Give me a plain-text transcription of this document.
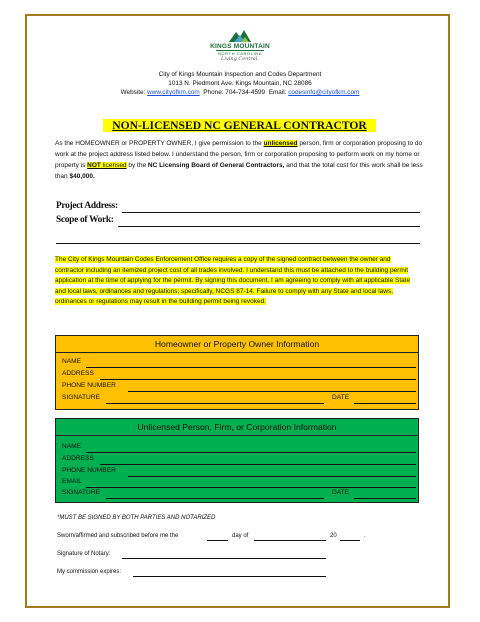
KINGS MOUNTAIN
NORTH CAROLINA
Living Central.
City of Kings Mountain Inspection and Codes Department
1013 N. Piedmont Ave. Kings Mountain, NC 28086
Website: www.cityofkm.com Phone: 704-734-4599 Email: codesinfo@cityofkm.com
NON-LICENSED NC GENERAL CONTRACTOR
As the HOMEOWNER or PROPERTY OWNER, I give permission to the unlicensed person, firm or corporation proposing to do work at the project address listed below. I understand the person, firm or corporation proposing to perform work on my home or property is NOT licensed by the NC Licensing Board of General Contractors, and that the total cost for this work shall be less than $40,000.
Project Address:
Scope of Work:
The City of Kings Mountain Codes Enforcement Office requires a copy of the signed contract between the owner and contractor including an itemized project cost of all trades involved. I understand this must be attached to the building permit application at the time of applying for the permit. By signing this document, I am agreeing to comply with all applicable State and local laws, ordinances and regulations; specifically, NCGS 87-14. Failure to comply with any State and local laws, ordinances or regulations may result in the building permit being revoked.
Homeowner or Property Owner Information
NAME
ADDRESS
PHONE NUMBER
SIGNATURE	DATE
Unlicensed Person, Firm, or Corporation Information
NAME
ADDRESS
PHONE NUMBER
EMAIL
SIGNATURE	DATE
*MUST BE SIGNED BY BOTH PARTIES AND NOTARIZED
Sworn/affirmed and subscribed before me the	day of	20	.
Signature of Notary:
My commission expires:
